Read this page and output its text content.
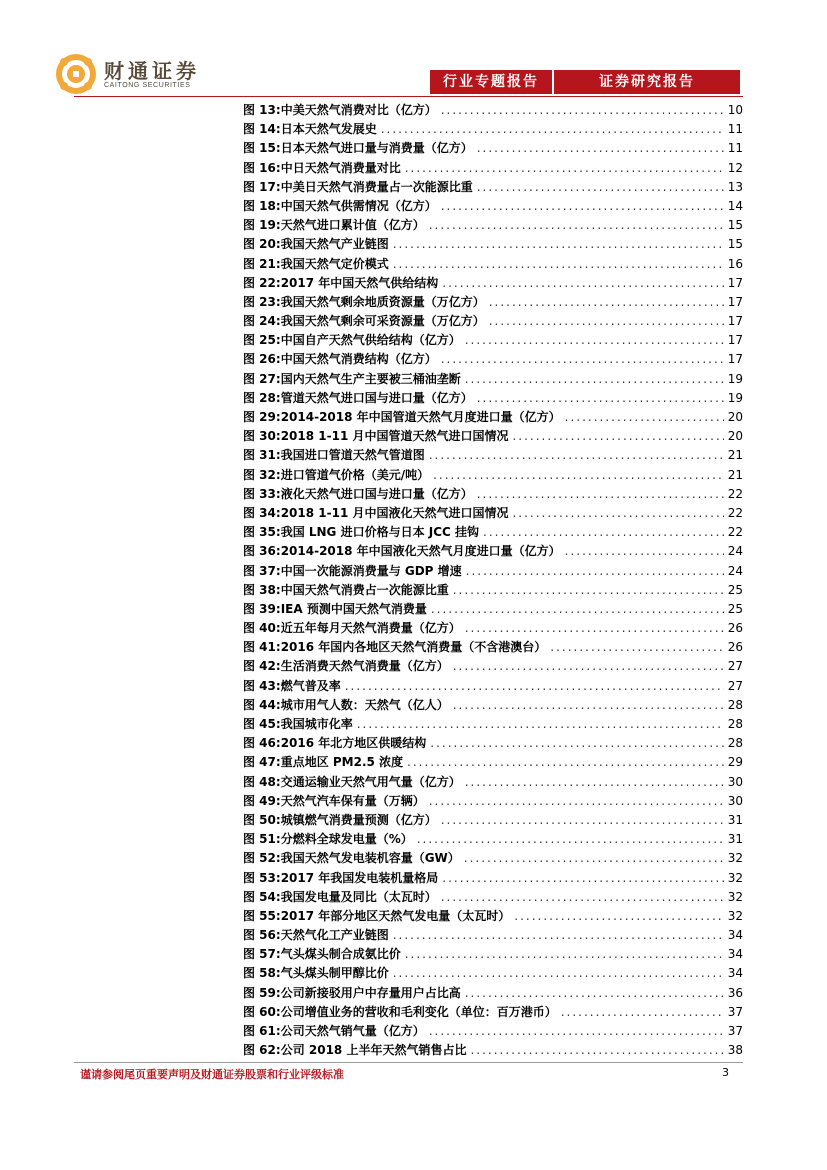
财通证券
CAITONG SECURITIES	行业专题报告	证券研究报告
图 13: 中美天然气消费对比（亿方） .....	10
图 14: 日本天然气发展史 .....	11
图 15: 日本天然气进口量与消费量（亿方） .....	11
图 16: 中日天然气消费量对比 .....	12
图 17: 中美日天然气消费量占一次能源比重 .....	13
图 18: 中国天然气供需情况（亿方） .....	14
图 19: 天然气进口累计值（亿方） .....	15
图 20: 我国天然气产业链图 .....	15
图 21: 我国天然气定价模式 .....	16
图 22: 2017 年中国天然气供给结构 .....	17
图 23: 我国天然气剩余地质资源量（万亿方） .....	17
图 24: 我国天然气剩余可采资源量（万亿方） .....	17
图 25: 中国自产天然气供给结构（亿方） .....	17
图 26: 中国天然气消费结构（亿方） .....	17
图 27: 国内天然气生产主要被三桶油垄断 .....	19
图 28: 管道天然气进口国与进口量（亿方） .....	19
图 29: 2014-2018 年中国管道天然气月度进口量（亿方） .....	20
图 30: 2018 1-11 月中国管道天然气进口国情况 .....	20
图 31: 我国进口管道天然气管道图 .....	21
图 32: 进口管道气价格（美元/吨） .....	21
图 33: 液化天然气进口国与进口量（亿方） .....	22
图 34: 2018 1-11 月中国液化天然气进口国情况 .....	22
图 35: 我国 LNG 进口价格与日本 JCC 挂钩 .....	22
图 36: 2014-2018 年中国液化天然气月度进口量（亿方） .....	24
图 37: 中国一次能源消费量与 GDP 增速 .....	24
图 38: 中国天然气消费占一次能源比重 .....	25
图 39: IEA 预测中国天然气消费量 .....	25
图 40: 近五年每月天然气消费量（亿方） .....	26
图 41: 2016 年国内各地区天然气消费量（不含港澳台） .....	26
图 42: 生活消费天然气消费量（亿方） .....	27
图 43: 燃气普及率 .....	27
图 44: 城市用气人数：天然气（亿人） .....	28
图 45: 我国城市化率 .....	28
图 46: 2016 年北方地区供暖结构 .....	28
图 47: 重点地区 PM2.5 浓度 .....	29
图 48: 交通运输业天然气用气量（亿方） .....	30
图 49: 天然气汽车保有量（万辆） .....	30
图 50: 城镇燃气消费量预测（亿方） .....	31
图 51: 分燃料全球发电量（%） .....	31
图 52: 我国天然气发电装机容量（GW） .....	32
图 53: 2017 年我国发电装机量格局 .....	32
图 54: 我国发电量及同比（太瓦时） .....	32
图 55: 2017 年部分地区天然气发电量（太瓦时） .....	32
图 56: 天然气化工产业链图 .....	34
图 57: 气头煤头制合成氨比价 .....	34
图 58: 气头煤头制甲醇比价 .....	34
图 59: 公司新接驳用户中存量用户占比高 .....	36
图 60: 公司增值业务的营收和毛利变化（单位：百万港币） .....	37
图 61: 公司天然气销气量（亿方） .....	37
图 62: 公司 2018 上半年天然气销售占比 .....	38
谨请参阅尾页重要声明及财通证券股票和行业评级标准	3
